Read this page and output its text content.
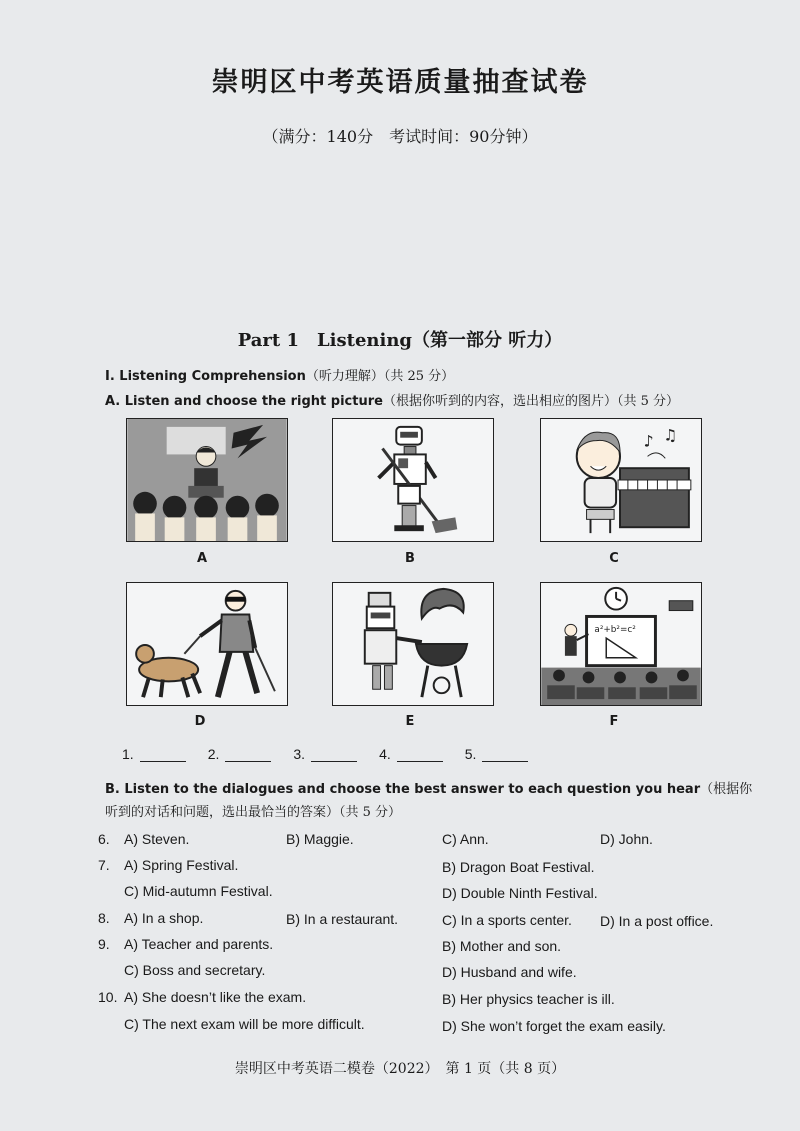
崇明区中考英语质量抽查试卷
（满分：140分　考试时间：90分钟）
Part 1　Listening（第一部分 听力）
I. Listening Comprehension（听力理解）（共 25 分）
A. Listen and choose the right picture（根据你听到的内容，选出相应的图片）（共 5 分）
A	B
♪ ♫
C
D	E
a²+b²=c²
F
1.	2.	3.	4.	5.
B. Listen to the dialogues and choose the best answer to each question you hear（根据你听到的对话和问题，选出最恰当的答案）（共 5 分）
6. A) Steven.	B) Maggie.	C) Ann.	D) John.
7. A) Spring Festival.	B) Dragon Boat Festival.
C) Mid-autumn Festival.	D) Double Ninth Festival.
8. A) In a shop.	B) In a restaurant.	C) In a sports center. D) In a post office.
9. A) Teacher and parents.	B) Mother and son.
C) Boss and secretary.	D) Husband and wife.
10. A) She doesn’t like the exam.	B) Her physics teacher is ill.
C) The next exam will be more difficult.	D) She won’t forget the exam easily.
崇明区中考英语二模卷（2022）　第 1 页（共 8 页）
